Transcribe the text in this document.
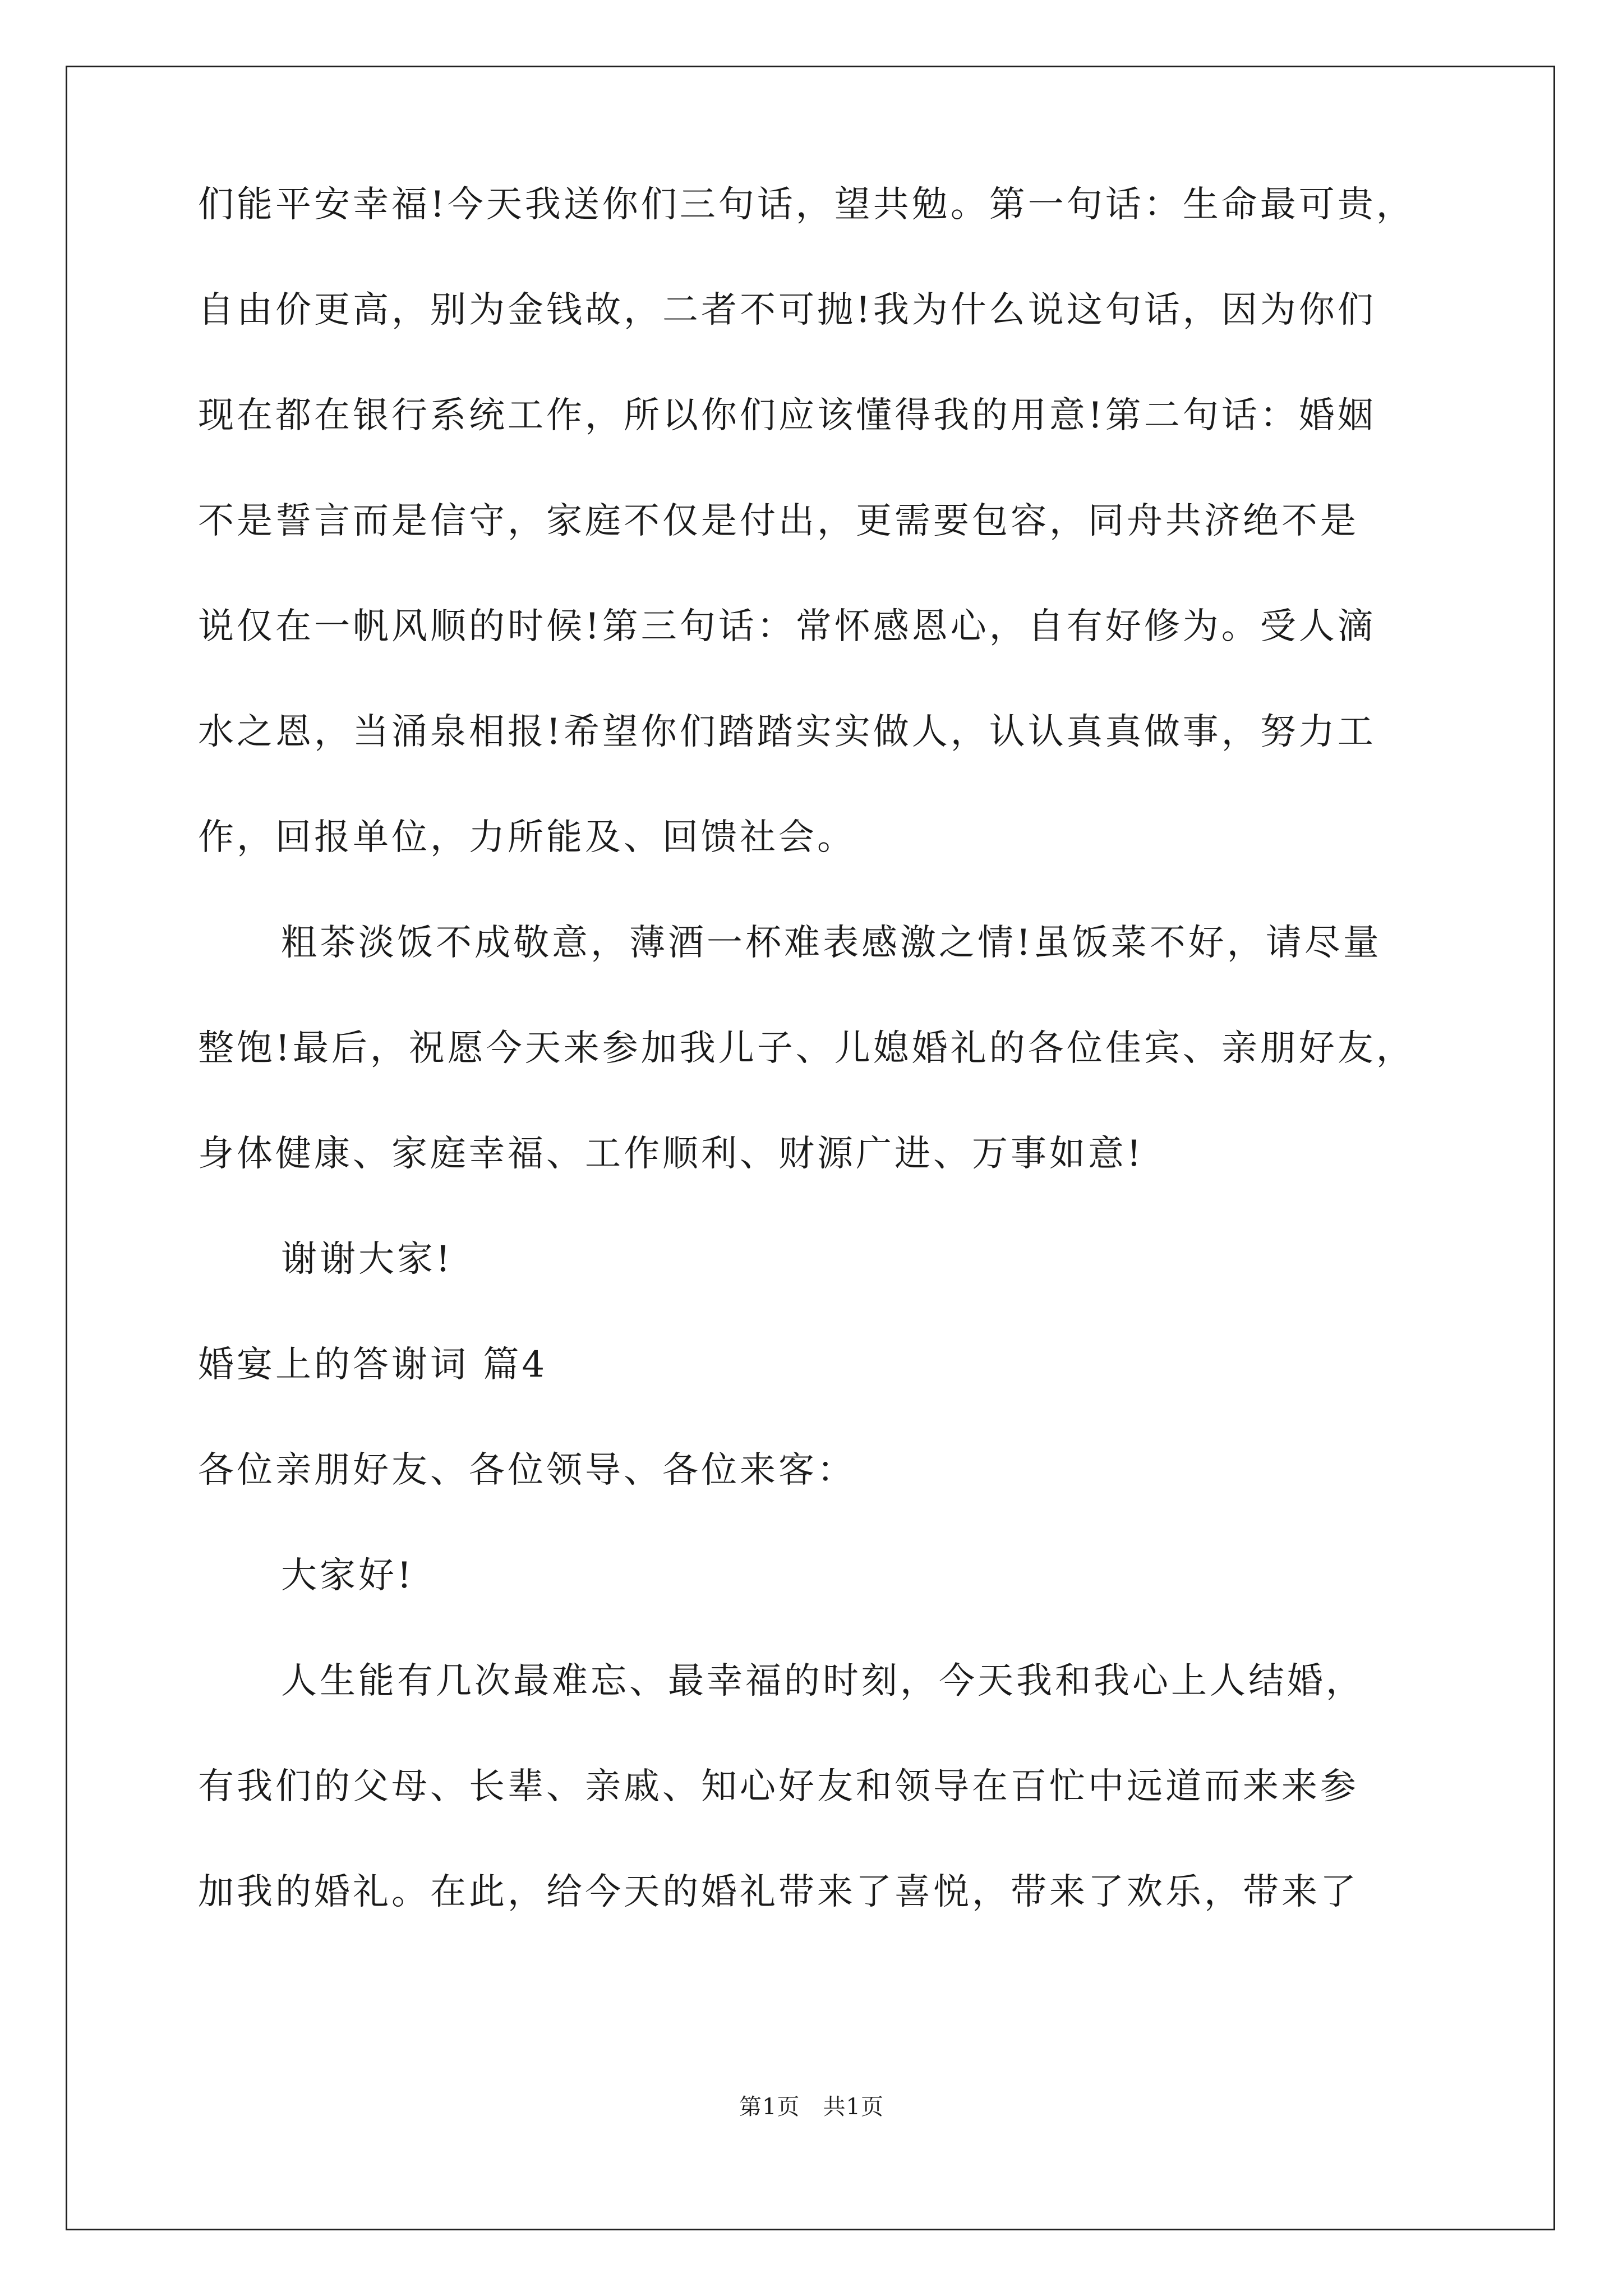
们能平安幸福!今天我送你们三句话，望共勉。第一句话：生命最可贵，

自由价更高，别为金钱故，二者不可抛!我为什么说这句话，因为你们

现在都在银行系统工作，所以你们应该懂得我的用意!第二句话：婚姻

不是誓言而是信守，家庭不仅是付出，更需要包容，同舟共济绝不是

说仅在一帆风顺的时候!第三句话：常怀感恩心，自有好修为。受人滴

水之恩，当涌泉相报!希望你们踏踏实实做人，认认真真做事，努力工

作，回报单位，力所能及、回馈社会。

粗茶淡饭不成敬意，薄酒一杯难表感激之情!虽饭菜不好，请尽量

整饱!最后，祝愿今天来参加我儿子、儿媳婚礼的各位佳宾、亲朋好友，

身体健康、家庭幸福、工作顺利、财源广进、万事如意!

谢谢大家!

婚宴上的答谢词 篇4

各位亲朋好友、各位领导、各位来客：

大家好!

人生能有几次最难忘、最幸福的时刻，今天我和我心上人结婚，

有我们的父母、长辈、亲戚、知心好友和领导在百忙中远道而来来参

加我的婚礼。在此，给今天的婚礼带来了喜悦，带来了欢乐，带来了

第1页   共1页
